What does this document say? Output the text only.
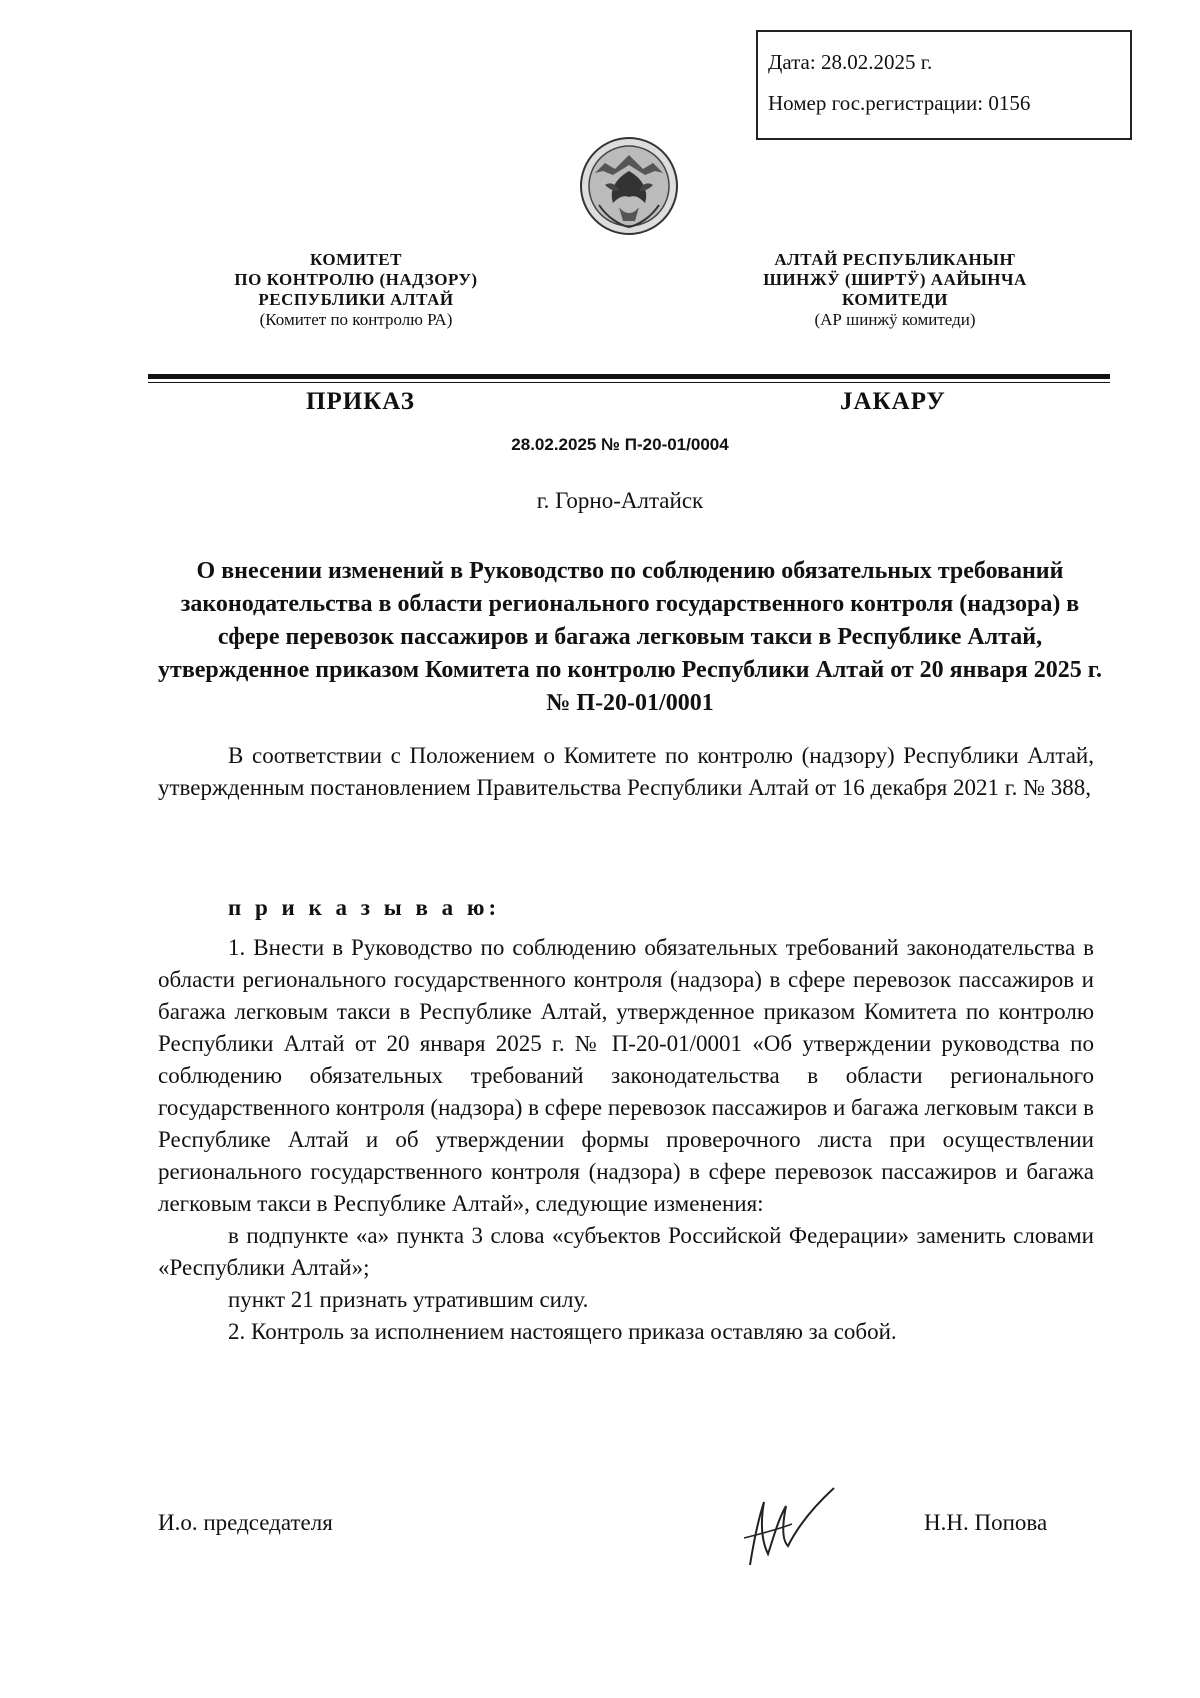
Дата: 28.02.2025 г.
Номер гос.регистрации: 0156
КОМИТЕТ
ПО КОНТРОЛЮ (НАДЗОРУ)
РЕСПУБЛИКИ АЛТАЙ
(Комитет по контролю РА)
АЛТАЙ РЕСПУБЛИКАНЫҤ
ШИНЖӰ (ШИРТӰ) ААЙЫНЧА
КОМИТЕДИ
(АР шинжӱ комитеди)
ПРИКАЗ	JАКАРУ
28.02.2025 № П-20-01/0004
г. Горно-Алтайск
О внесении изменений в Руководство по соблюдению обязательных требований законодательства в области регионального государственного контроля (надзора) в сфере перевозок пассажиров и багажа легковым такси в Республике Алтай, утвержденное приказом Комитета по контролю Республики Алтай от 20 января 2025 г. № П-20-01/0001

В соответствии с Положением о Комитете по контролю (надзору) Республики Алтай, утвержденным постановлением Правительства Республики Алтай от 16 декабря 2021 г. № 388,

п р и к а з ы в а ю:

1. Внести в Руководство по соблюдению обязательных требований законодательства в области регионального государственного контроля (надзора) в сфере перевозок пассажиров и багажа легковым такси в Республике Алтай, утвержденное приказом Комитета по контролю Республики Алтай от 20 января 2025 г. № П-20-01/0001 «Об утверждении руководства по соблюдению обязательных требований законодательства в области регионального государственного контроля (надзора) в сфере перевозок пассажиров и багажа легковым такси в Республике Алтай и об утверждении формы проверочного листа при осуществлении регионального государственного контроля (надзора) в сфере перевозок пассажиров и багажа легковым такси в Республике Алтай», следующие изменения:

в подпункте «а» пункта 3 слова «субъектов Российской Федерации» заменить словами «Республики Алтай»;

пункт 21 признать утратившим силу.

2. Контроль за исполнением настоящего приказа оставляю за собой.

И.о. председателя	Н.Н. Попова
